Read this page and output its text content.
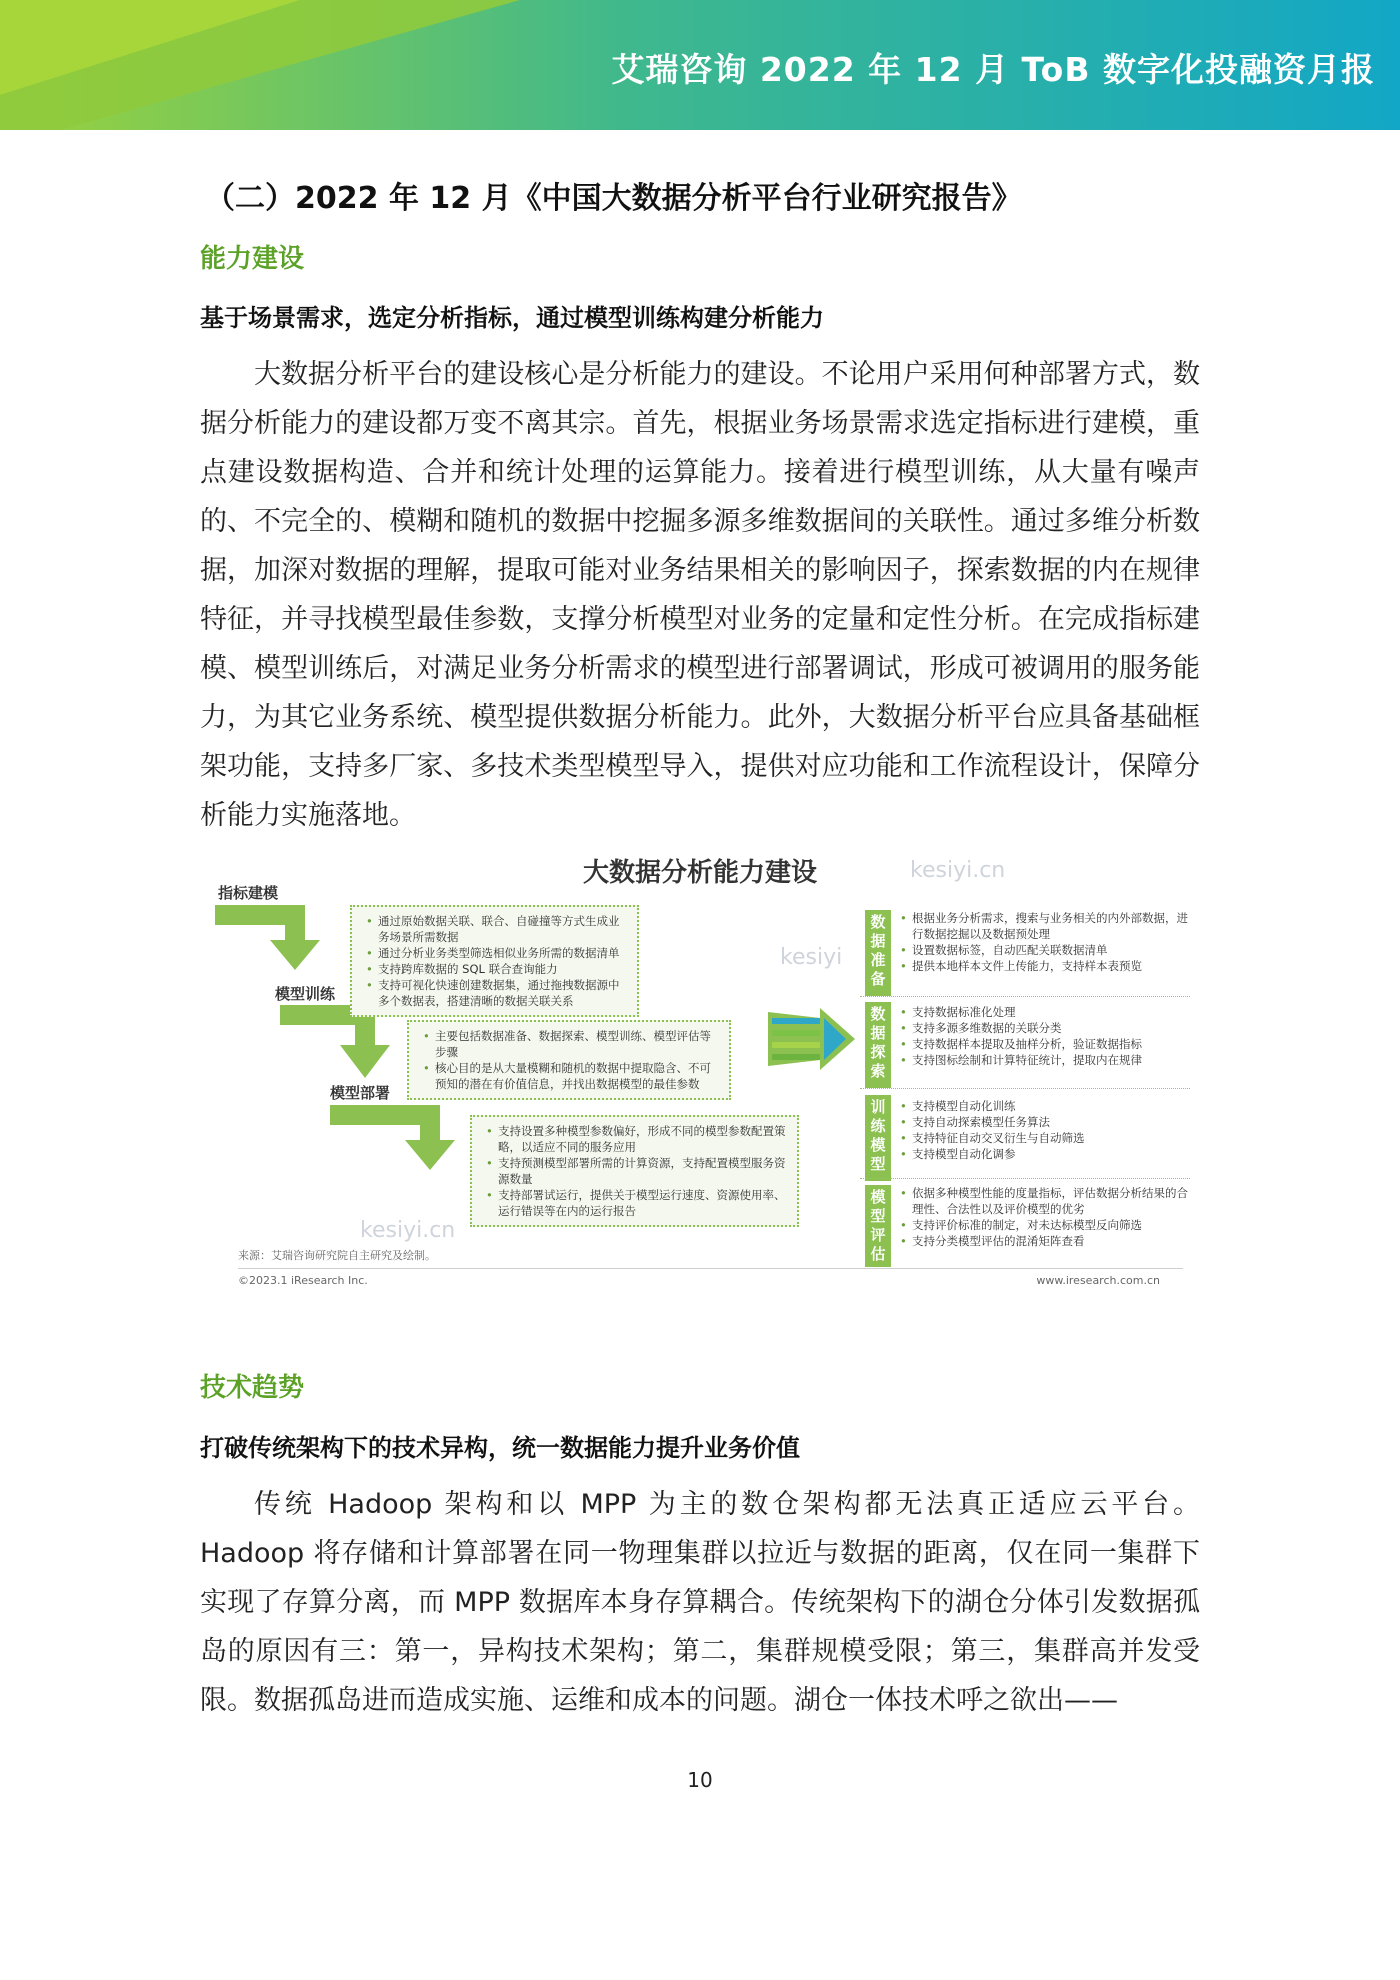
艾瑞咨询 2022 年 12 月 ToB 数字化投融资月报
（二）2022 年 12 月《中国大数据分析平台行业研究报告》
能力建设
基于场景需求，选定分析指标，通过模型训练构建分析能力

大数据分析平台的建设核心是分析能力的建设。不论用户采用何种部署方式，数据分析能力的建设都万变不离其宗。首先，根据业务场景需求选定指标进行建模，重点建设数据构造、合并和统计处理的运算能力。接着进行模型训练，从大量有噪声的、不完全的、模糊和随机的数据中挖掘多源多维数据间的关联性。通过多维分析数据，加深对数据的理解，提取可能对业务结果相关的影响因子，探索数据的内在规律特征，并寻找模型最佳参数，支撑分析模型对业务的定量和定性分析。在完成指标建模、模型训练后，对满足业务分析需求的模型进行部署调试，形成可被调用的服务能力，为其它业务系统、模型提供数据分析能力。此外，大数据分析平台应具备基础框架功能，支持多厂家、多技术类型模型导入，提供对应功能和工作流程设计，保障分析能力实施落地。

大数据分析能力建设	kesiyi.cn
kesiyi
kesiyi.cn
指标建模
模型训练
模型部署
• 通过原始数据关联、联合、自碰撞等方式生成业务场景所需数据
• 通过分析业务类型筛选相似业务所需的数据清单
• 支持跨库数据的 SQL 联合查询能力
• 支持可视化快速创建数据集，通过拖拽数据源中多个数据表，搭建清晰的数据关联关系
• 主要包括数据准备、数据探索、模型训练、模型评估等步骤
• 核心目的是从大量模糊和随机的数据中提取隐含、不可预知的潜在有价值信息，并找出数据模型的最佳参数
• 支持设置多种模型参数偏好，形成不同的模型参数配置策略，以适应不同的服务应用
• 支持预测模型部署所需的计算资源，支持配置模型服务资源数量
• 支持部署试运行，提供关于模型运行速度、资源使用率、运行错误等在内的运行报告
数据准备
• 根据业务分析需求，搜索与业务相关的内外部数据，进行数据挖掘以及数据预处理
• 设置数据标签，自动匹配关联数据清单
• 提供本地样本文件上传能力，支持样本表预览
数据探索
• 支持数据标准化处理
• 支持多源多维数据的关联分类
• 支持数据样本提取及抽样分析，验证数据指标
• 支持图标绘制和计算特征统计，提取内在规律
训练模型
• 支持模型自动化训练
• 支持自动探索模型任务算法
• 支持特征自动交叉衍生与自动筛选
• 支持模型自动化调参
模型评估
• 依据多种模型性能的度量指标，评估数据分析结果的合理性、合法性以及评价模型的优劣
• 支持评价标准的制定，对未达标模型反向筛选
• 支持分类模型评估的混淆矩阵查看
来源：艾瑞咨询研究院自主研究及绘制。
©2023.1 iResearch Inc.	www.iresearch.com.cn
技术趋势
打破传统架构下的技术异构，统一数据能力提升业务价值

传统 Hadoop 架构和以 MPP 为主的数仓架构都无法真正适应云平台。Hadoop 将存储和计算部署在同一物理集群以拉近与数据的距离，仅在同一集群下实现了存算分离，而 MPP 数据库本身存算耦合。传统架构下的湖仓分体引发数据孤岛的原因有三：第一，异构技术架构；第二，集群规模受限；第三，集群高并发受限。数据孤岛进而造成实施、运维和成本的问题。湖仓一体技术呼之欲出——

10
